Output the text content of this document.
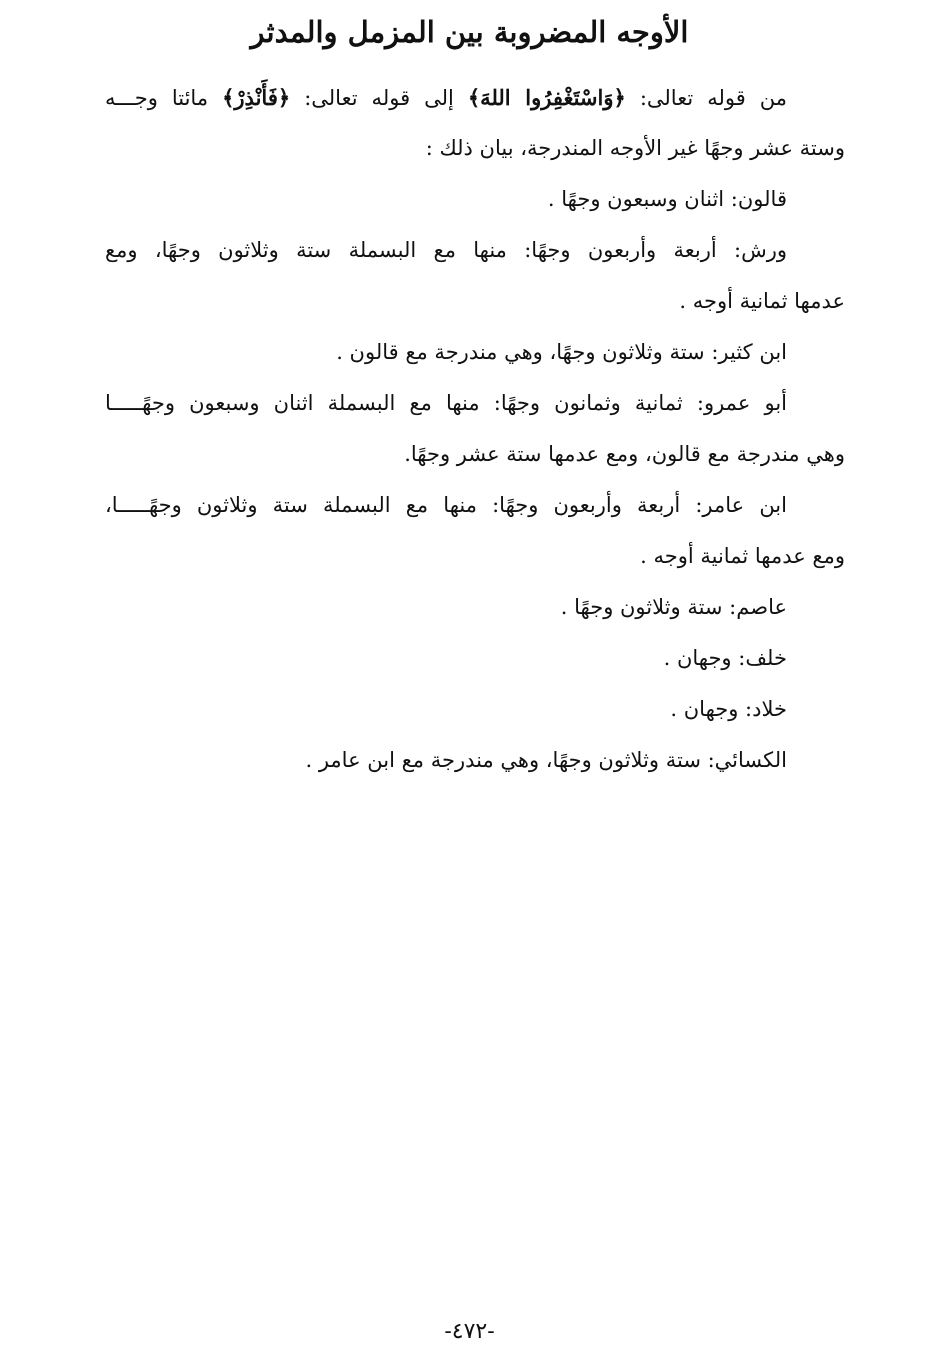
الأوجه المضروبة بين المزمل والمدثر
من قوله تعالى: ﴿وَاسْتَغْفِرُوا اللهَ﴾ إلى قوله تعالى: ﴿فَأَنْذِرْ﴾ مائتا وجـــه
وستة عشر وجهًا غير الأوجه المندرجة، بيان ذلك :
قالون: اثنان وسبعون وجهًا .
ورش: أربعة وأربعون وجهًا: منها مع البسملة ستة وثلاثون وجهًا، ومع
عدمها ثمانية أوجه .
ابن كثير: ستة وثلاثون وجهًا، وهي مندرجة مع قالون .
أبو عمرو: ثمانية وثمانون وجهًا: منها مع البسملة اثنان وسبعون وجهًـــــا
وهي مندرجة مع قالون، ومع عدمها ستة عشر وجهًا.
ابن عامر: أربعة وأربعون وجهًا: منها مع البسملة ستة وثلاثون وجهًـــــا،
ومع عدمها ثمانية أوجه .
عاصم: ستة وثلاثون وجهًا .
خلف: وجهان .
خلاد: وجهان .
الكسائي: ستة وثلاثون وجهًا، وهي مندرجة مع ابن عامر .
-٤٧٢-
